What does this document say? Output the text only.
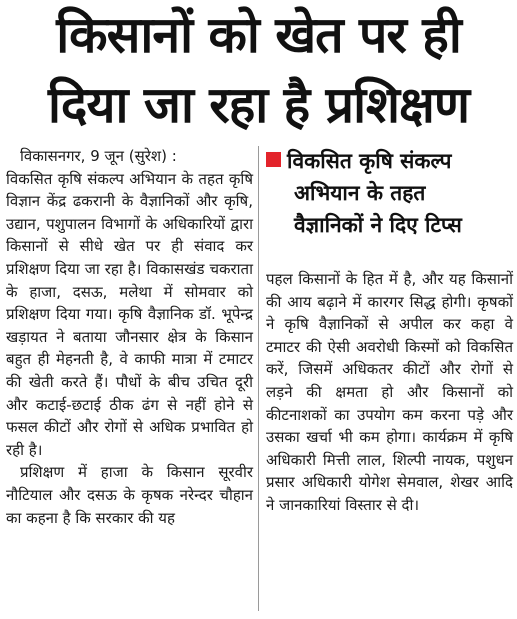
किसानों को खेत पर ही
दिया जा रहा है प्रशिक्षण

विकासनगर, 9 जून (सुरेश) :

विकसित कृषि संकल्प अभियान के तहत कृषि विज्ञान केंद्र ढकरानी के वैज्ञानिकों और कृषि, उद्यान, पशुपालन विभागों के अधिकारियों द्वारा किसानों से सीधे खेत पर ही संवाद कर प्रशिक्षण दिया जा रहा है। विकासखंड चकराता के हाजा, दसऊ, मलेथा में सोमवार को प्रशिक्षण दिया गया। कृषि वैज्ञानिक डॉ. भूपेन्द्र खड़ायत ने बताया जौनसार क्षेत्र के किसान बहुत ही मेहनती है, वे काफी मात्रा में टमाटर की खेती करते हैं। पौधों के बीच उचित दूरी और कटाई-छटाई ठीक ढंग से नहीं होने से फसल कीटों और रोगों से अधिक प्रभावित हो रही है।

प्रशिक्षण में हाजा के किसान सूरवीर नौटियाल और दसऊ के कृषक नरेन्दर चौहान का कहना है कि सरकार की यह

विकसित कृषि संकल्प
अभियान के तहत
वैज्ञानिकों ने दिए टिप्स

पहल किसानों के हित में है, और यह किसानों की आय बढ़ाने में कारगर सिद्ध होगी। कृषकों ने कृषि वैज्ञानिकों से अपील कर कहा वे टमाटर की ऐसी अवरोधी किस्मों को विकसित करें, जिसमें अधिकतर कीटों और रोगों से लड़ने की क्षमता हो और किसानों को कीटनाशकों का उपयोग कम करना पड़े और उसका खर्चा भी कम होगा। कार्यक्रम में कृषि अधिकारी मित्ती लाल, शिल्पी नायक, पशुधन प्रसार अधिकारी योगेश सेमवाल, शेखर आदि ने जानकारियां विस्तार से दी।
